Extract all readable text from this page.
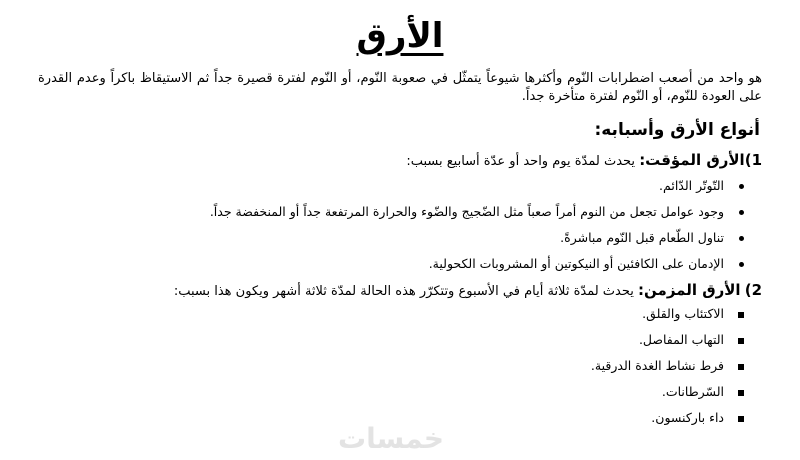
الأرق

هو واحد من أصعب اضطرابات النّوم وأكثرها شيوعاً يتمثّل في صعوبة النّوم، أو النّوم لفترة قصيرة جداً ثم الاستيقاظ باكراً وعدم القدرة على العودة للنّوم، أو النّوم لفترة متأخرة جداً.

أنواع الأرق وأسبابه:

1)الأرق المؤقت: يحدث لمدّة يوم واحد أو عدّة أسابيع بسبب:

التّوتّر الدّائم.
وجود عوامل تجعل من النوم أمراً صعباً مثل الضّجيج والضّوء والحرارة المرتفعة جداً أو المنخفضة جداً.
تناول الطّعام قبل النّوم مباشرةً.
الإدمان على الكافئين أو النيكوتين أو المشروبات الكحولية.

2) الأرق المزمن: يحدث لمدّة ثلاثة أيام في الأسبوع وتتكرّر هذه الحالة لمدّة ثلاثة أشهر ويكون هذا بسبب:

الاكتئاب والقلق.
التهاب المفاصل.
فرط نشاط الغدة الدرقية.
السّرطانات.
داء باركنسون.
خمسات
